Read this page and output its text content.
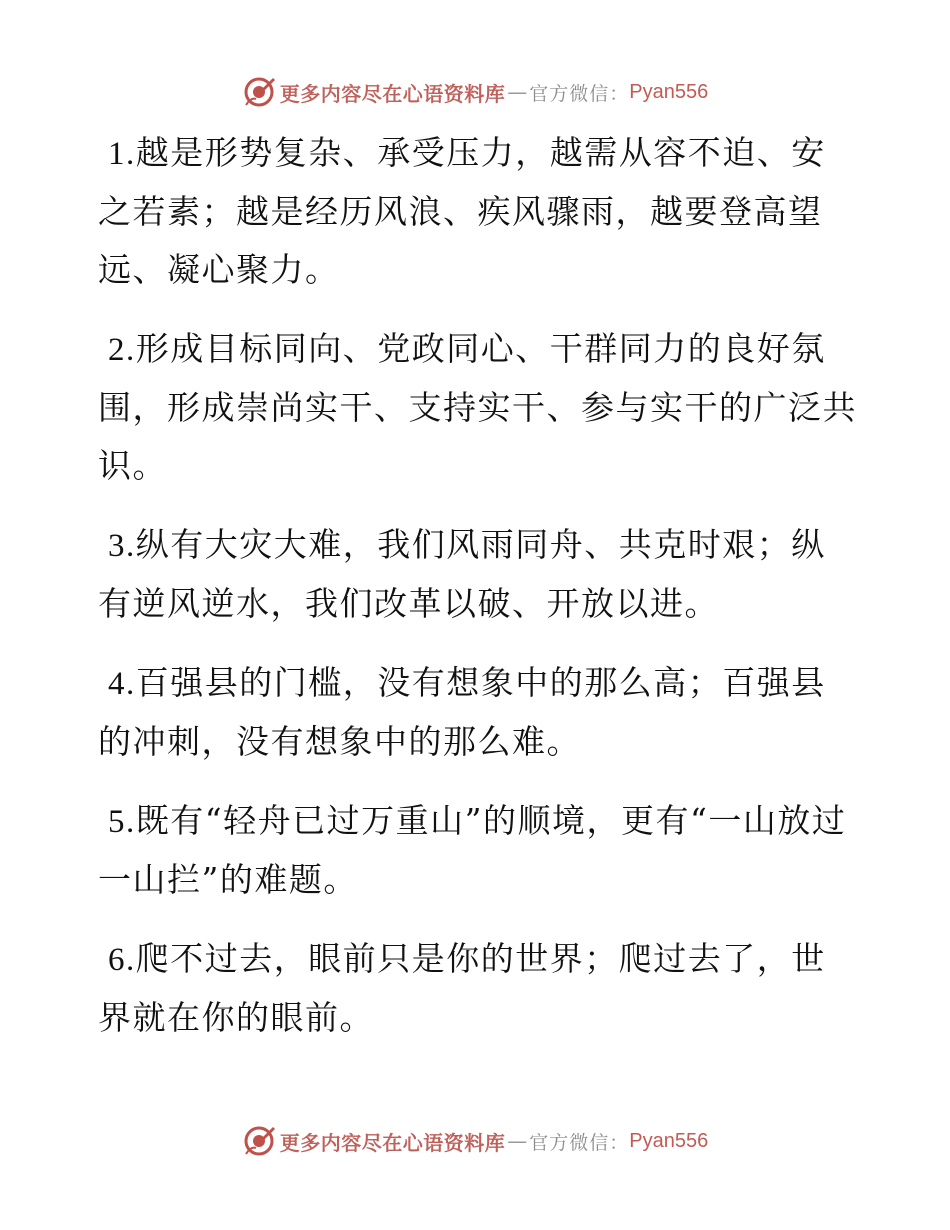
更多内容尽在心语资料库 — 官方微信： Pyan556

1.越是形势复杂、承受压力，越需从容不迫、安之若素；越是经历风浪、疾风骤雨，越要登高望远、凝心聚力。

2.形成目标同向、党政同心、干群同力的良好氛围，形成崇尚实干、支持实干、参与实干的广泛共识。

3.纵有大灾大难，我们风雨同舟、共克时艰；纵有逆风逆水，我们改革以破、开放以进。

4.百强县的门槛，没有想象中的那么高；百强县的冲刺，没有想象中的那么难。

5.既有“轻舟已过万重山”的顺境，更有“一山放过一山拦”的难题。

6.爬不过去，眼前只是你的世界；爬过去了，世界就在你的眼前。

更多内容尽在心语资料库 — 官方微信： Pyan556
